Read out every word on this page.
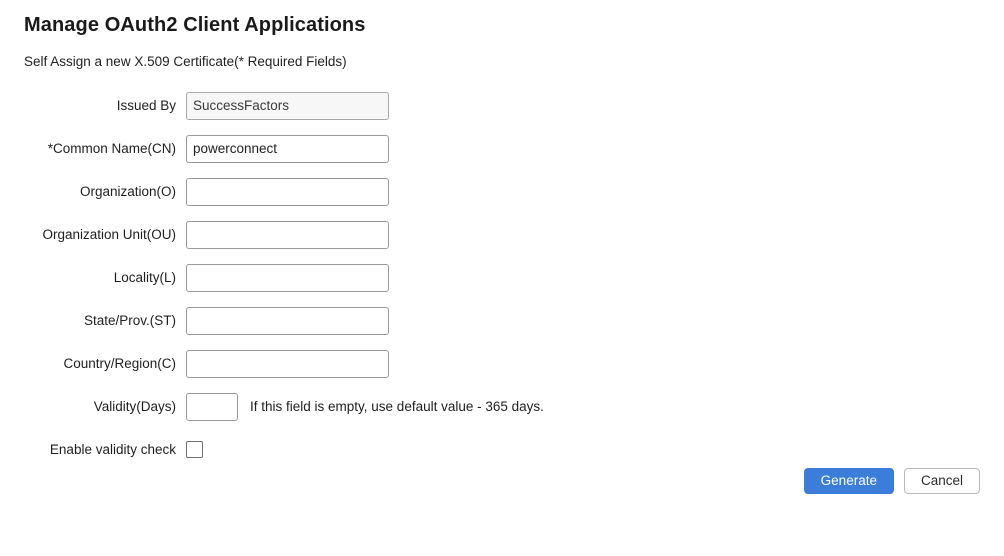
Manage OAuth2 Client Applications
Self Assign a new X.509 Certificate(* Required Fields)
Issued By
SuccessFactors
*Common Name(CN)
powerconnect
Organization(O)
Organization Unit(OU)
Locality(L)
State/Prov.(ST)
Country/Region(C)
Validity(Days)	If this field is empty, use default value - 365 days.
Enable validity check
Generate	Cancel
